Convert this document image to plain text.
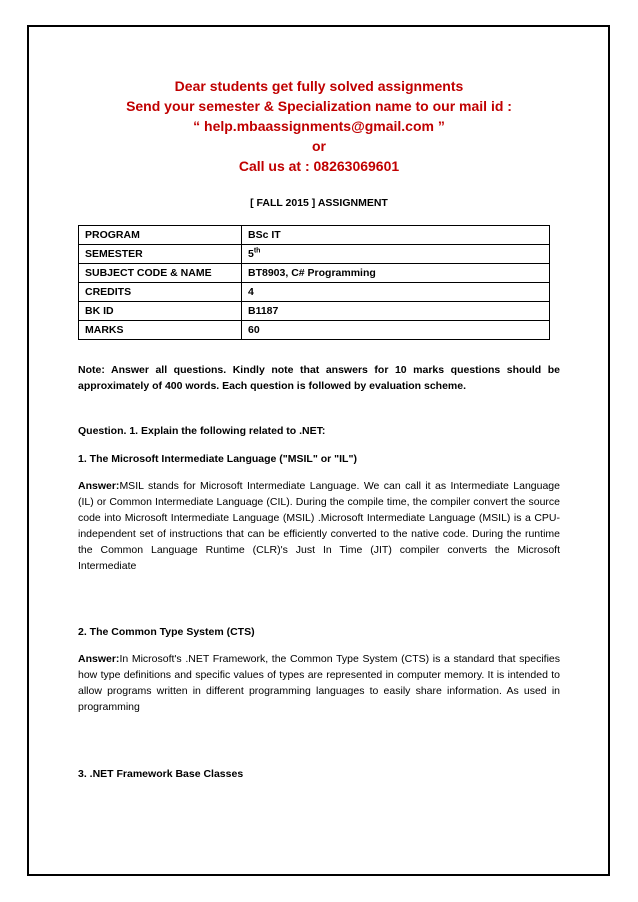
Dear students get fully solved assignments
Send your semester & Specialization name to our mail id :
“ help.mbaassignments@gmail.com ”
or
Call us at : 08263069601
[ FALL 2015 ] ASSIGNMENT
PROGRAM	BSc IT
SEMESTER	5th
SUBJECT CODE & NAME	BT8903, C# Programming
CREDITS	4
BK ID	B1187
MARKS	60
Note: Answer all questions. Kindly note that answers for 10 marks questions should be approximately of 400 words. Each question is followed by evaluation scheme.
Question. 1. Explain the following related to .NET:
1. The Microsoft Intermediate Language ("MSIL" or "IL")
Answer:MSIL stands for Microsoft Intermediate Language. We can call it as Intermediate Language (IL) or Common Intermediate Language (CIL). During the compile time, the compiler convert the source code into Microsoft Intermediate Language (MSIL) .Microsoft Intermediate Language (MSIL) is a CPU-independent set of instructions that can be efficiently converted to the native code. During the runtime the Common Language Runtime (CLR)'s Just In Time (JIT) compiler converts the Microsoft Intermediate
2. The Common Type System (CTS)
Answer:In Microsoft's .NET Framework, the Common Type System (CTS) is a standard that specifies how type definitions and specific values of types are represented in computer memory. It is intended to allow programs written in different programming languages to easily share information. As used in programming
3. .NET Framework Base Classes
